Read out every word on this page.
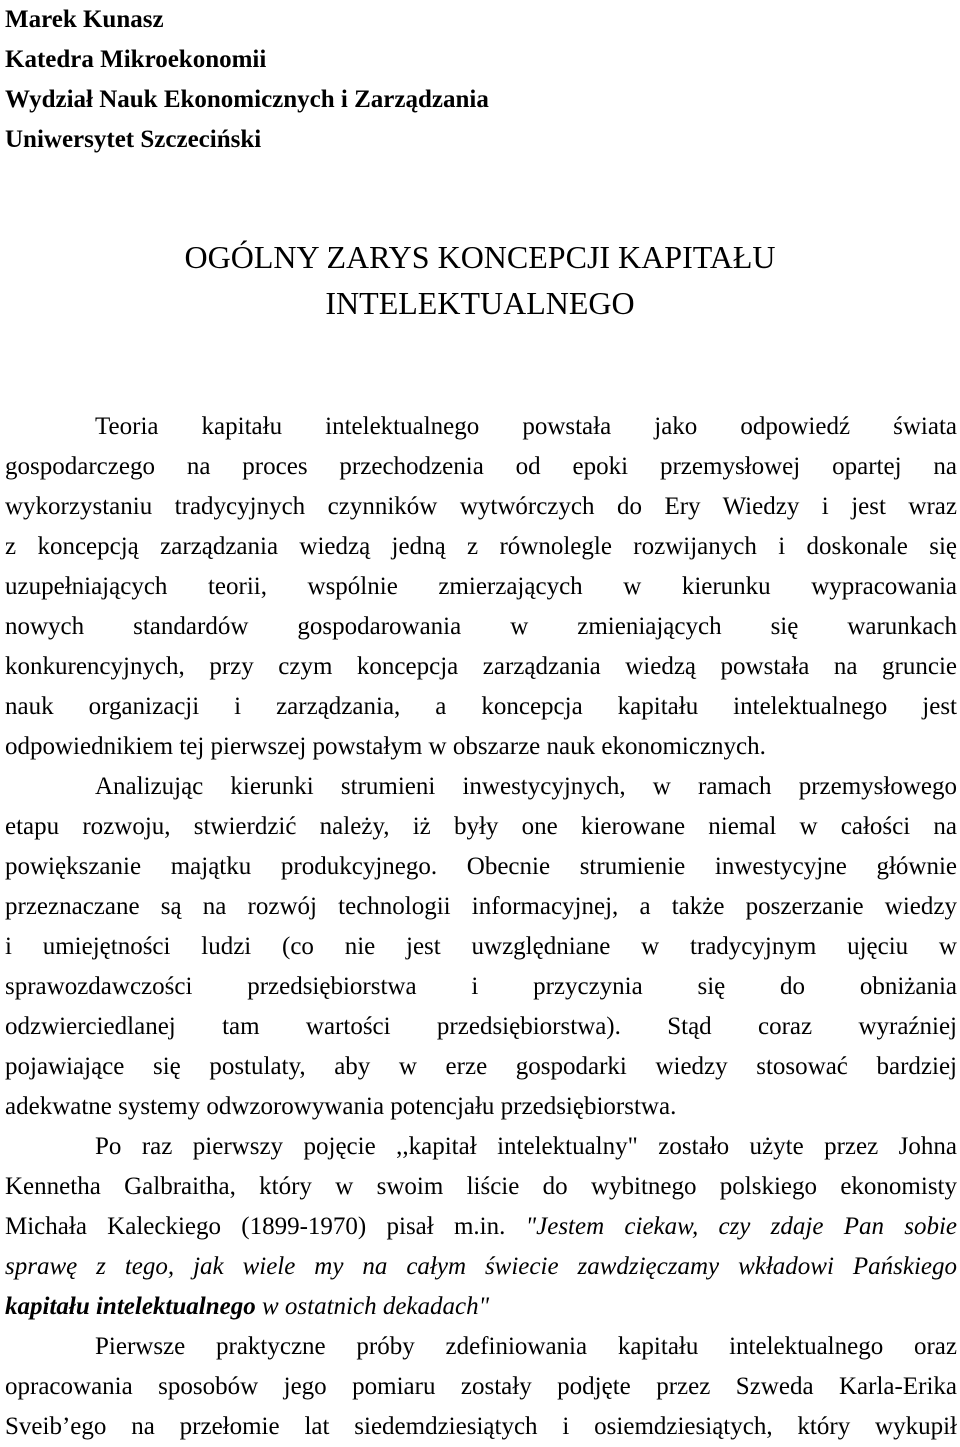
Marek Kunasz
Katedra Mikroekonomii
Wydział Nauk Ekonomicznych i Zarządzania
Uniwersytet Szczeciński
OGÓLNY ZARYS KONCEPCJI KAPITAŁU
INTELEKTUALNEGO
Teoria kapitału intelektualnego powstała jako odpowiedź świata
gospodarczego na proces przechodzenia od epoki przemysłowej opartej na
wykorzystaniu tradycyjnych czynników wytwórczych do Ery Wiedzy i jest wraz
z koncepcją zarządzania wiedzą jedną z równolegle rozwijanych i doskonale się
uzupełniających teorii, wspólnie zmierzających w kierunku wypracowania
nowych standardów gospodarowania w zmieniających się warunkach
konkurencyjnych, przy czym koncepcja zarządzania wiedzą powstała na gruncie
nauk organizacji i zarządzania, a koncepcja kapitału intelektualnego jest
odpowiednikiem tej pierwszej powstałym w obszarze nauk ekonomicznych.
Analizując kierunki strumieni inwestycyjnych, w ramach przemysłowego
etapu rozwoju, stwierdzić należy, iż były one kierowane niemal w całości na
powiększanie majątku produkcyjnego. Obecnie strumienie inwestycyjne głównie
przeznaczane są na rozwój technologii informacyjnej, a także poszerzanie wiedzy
i umiejętności ludzi (co nie jest uwzględniane w tradycyjnym ujęciu w
sprawozdawczości przedsiębiorstwa i przyczynia się do obniżania
odzwierciedlanej tam wartości przedsiębiorstwa). Stąd coraz wyraźniej
pojawiające się postulaty, aby w erze gospodarki wiedzy stosować bardziej
adekwatne systemy odwzorowywania potencjału przedsiębiorstwa.
Po raz pierwszy pojęcie ,,kapitał intelektualny" zostało użyte przez Johna
Kennetha Galbraitha, który w swoim liście do wybitnego polskiego ekonomisty
Michała Kaleckiego (1899-1970) pisał m.in. "Jestem ciekaw, czy zdaje Pan sobie
sprawę z tego, jak wiele my na całym świecie zawdzięczamy wkładowi Pańskiego
kapitału intelektualnego w ostatnich dekadach"
Pierwsze praktyczne próby zdefiniowania kapitału intelektualnego oraz
opracowania sposobów jego pomiaru zostały podjęte przez Szweda Karla-Erika
Sveib’ego na przełomie lat siedemdziesiątych i osiemdziesiątych, który wykupił
